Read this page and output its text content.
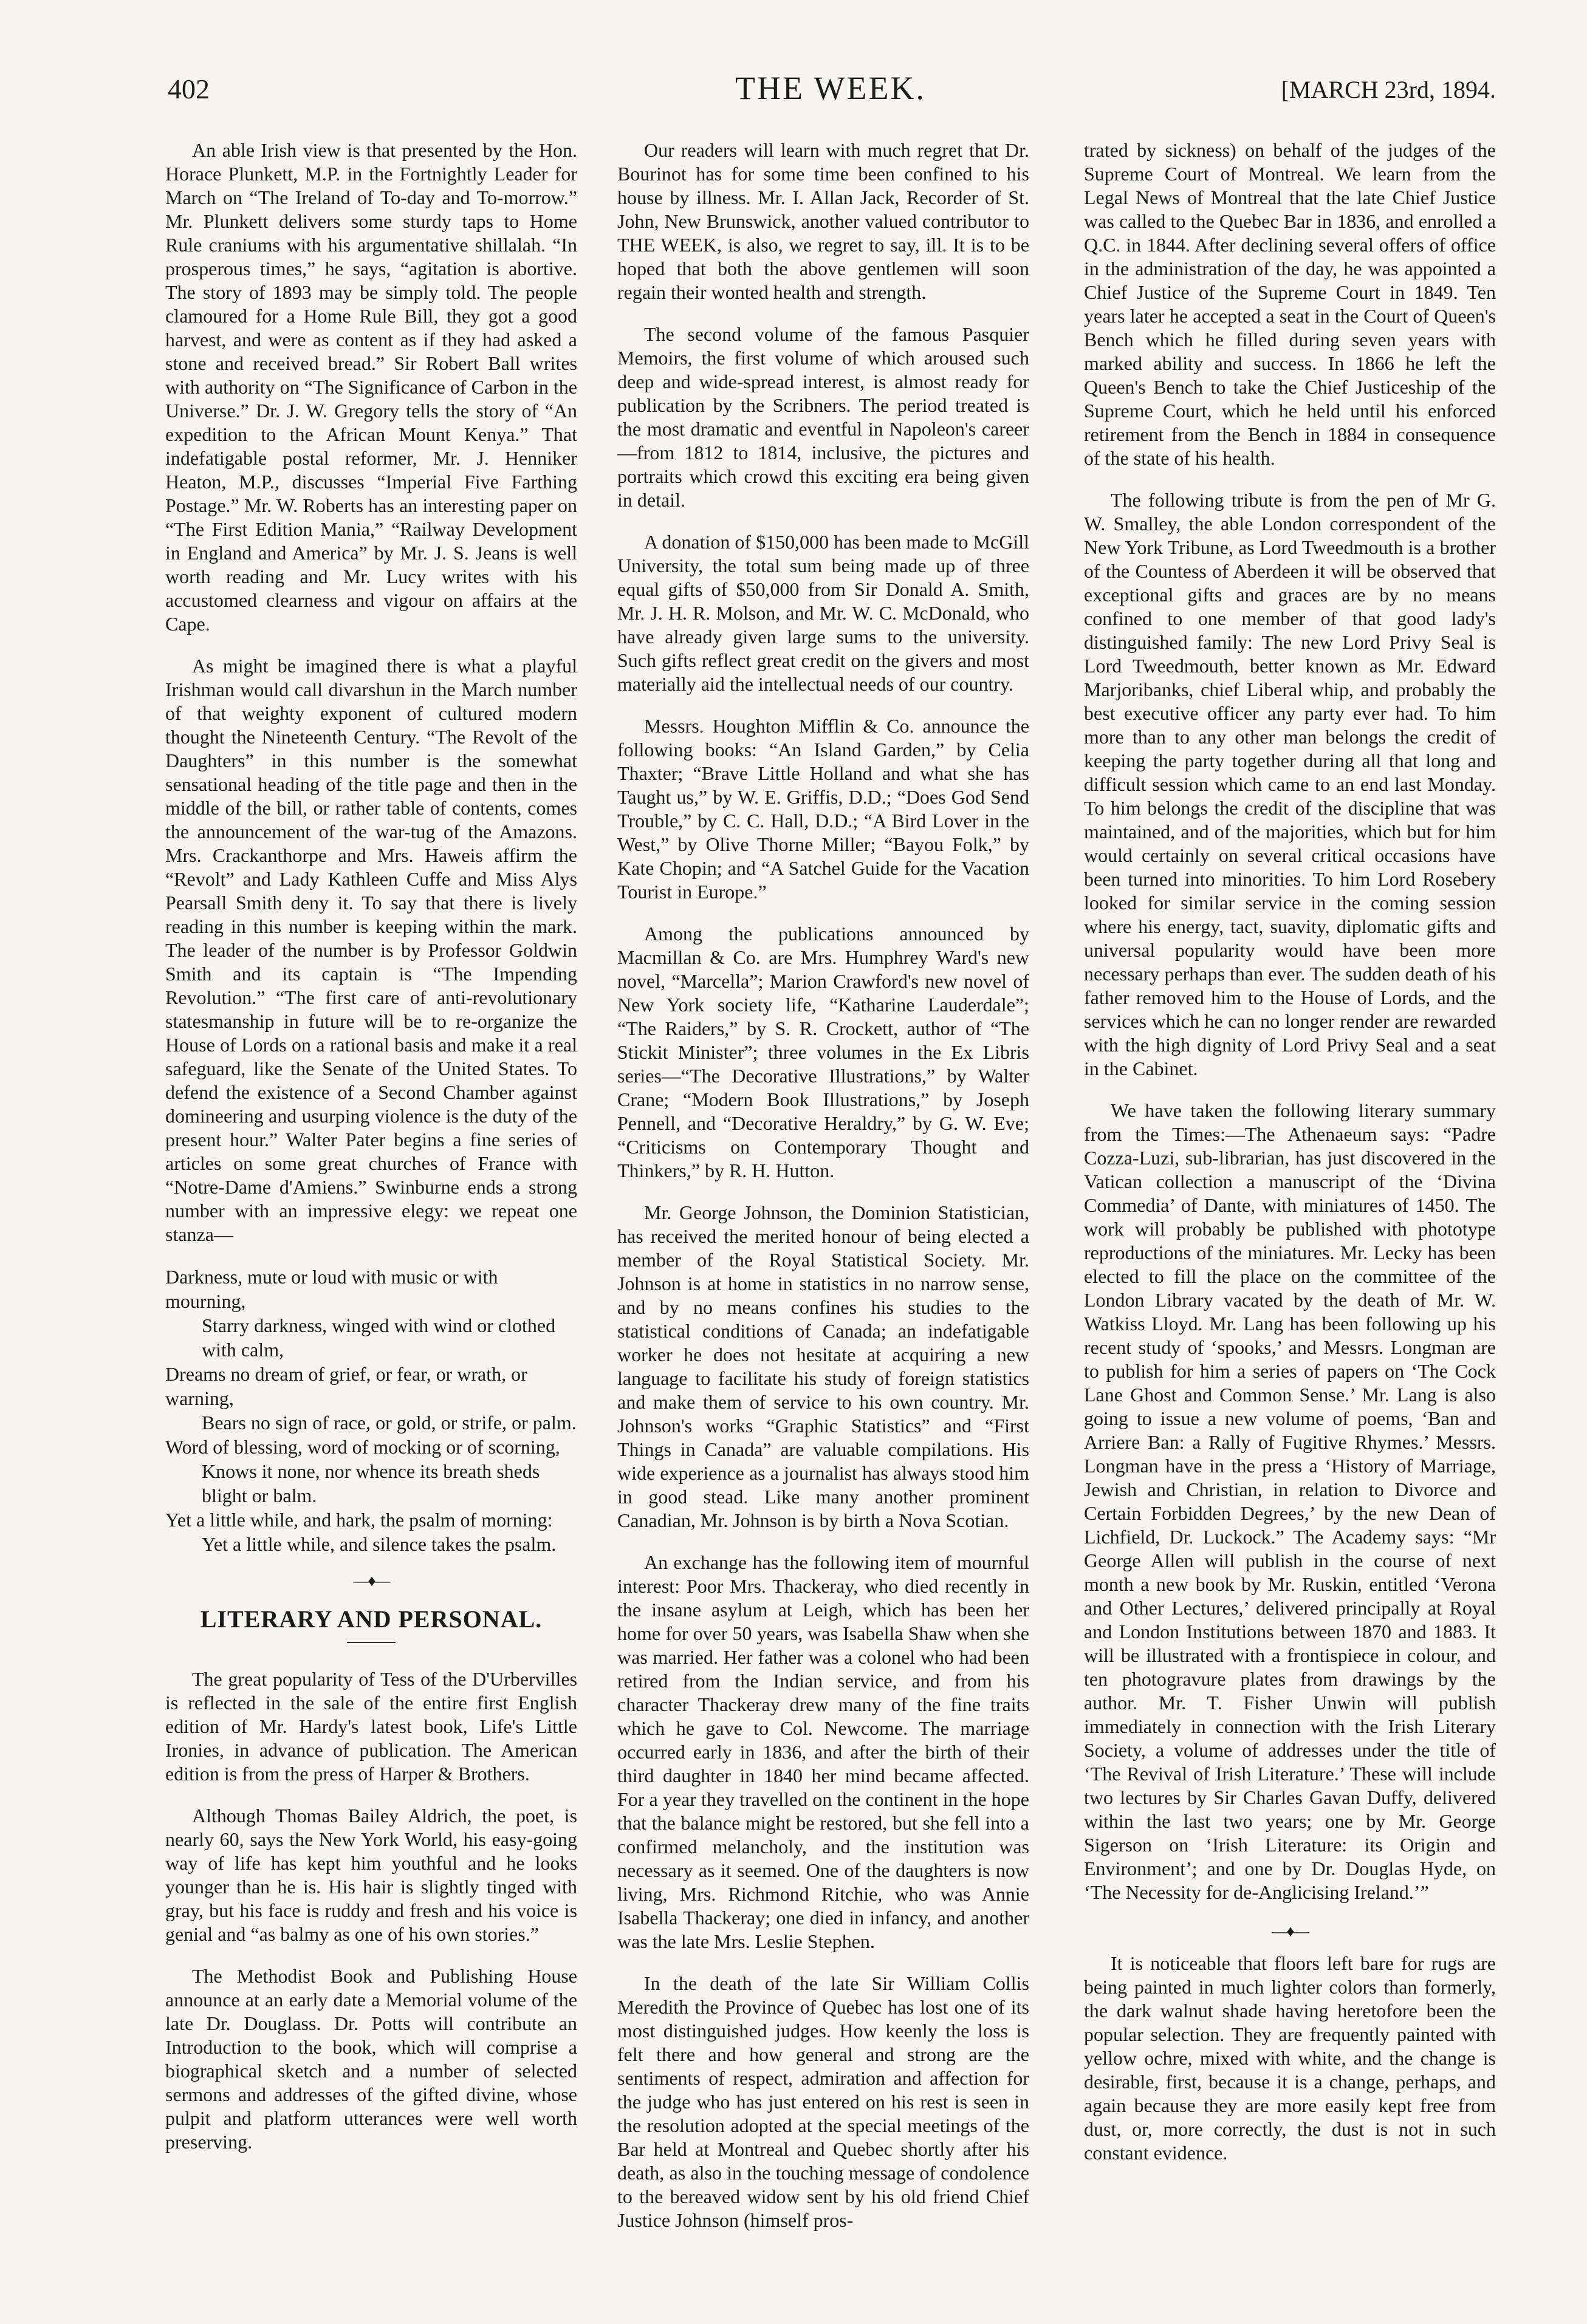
402	THE WEEK.	[MARCH 23rd, 1894.

An able Irish view is that presented by the Hon. Horace Plunkett, M.P. in the Fortnightly Leader for March on “The Ireland of To-day and To-morrow.” Mr. Plunkett delivers some sturdy taps to Home Rule craniums with his argumentative shillalah. “In prosperous times,” he says, “agitation is abortive. The story of 1893 may be simply told. The people clamoured for a Home Rule Bill, they got a good harvest, and were as content as if they had asked a stone and received bread.” Sir Robert Ball writes with authority on “The Significance of Carbon in the Universe.” Dr. J. W. Gregory tells the story of “An expedition to the African Mount Kenya.” That indefatigable postal reformer, Mr. J. Henniker Heaton, M.P., discusses “Imperial Five Farthing Postage.” Mr. W. Roberts has an interesting paper on “The First Edition Mania,” “Railway Development in England and America” by Mr. J. S. Jeans is well worth reading and Mr. Lucy writes with his accustomed clearness and vigour on affairs at the Cape.

As might be imagined there is what a playful Irishman would call divarshun in the March number of that weighty exponent of cultured modern thought the Nineteenth Century. “The Revolt of the Daughters” in this number is the somewhat sensational heading of the title page and then in the middle of the bill, or rather table of contents, comes the announcement of the war-tug of the Amazons. Mrs. Crackanthorpe and Mrs. Haweis affirm the “Revolt” and Lady Kathleen Cuffe and Miss Alys Pearsall Smith deny it. To say that there is lively reading in this number is keeping within the mark. The leader of the number is by Professor Goldwin Smith and its captain is “The Impending Revolution.” “The first care of anti-revolutionary statesmanship in future will be to re-organize the House of Lords on a rational basis and make it a real safeguard, like the Senate of the United States. To defend the existence of a Second Chamber against domineering and usurping violence is the duty of the present hour.” Walter Pater begins a fine series of articles on some great churches of France with “Notre-Dame d'Amiens.” Swinburne ends a strong number with an impressive elegy: we repeat one stanza—

Darkness, mute or loud with music or with mourning,

Starry darkness, winged with wind or clothed with calm,

Dreams no dream of grief, or fear, or wrath, or warning,

Bears no sign of race, or gold, or strife, or palm.

Word of blessing, word of mocking or of scorning,

Knows it none, nor whence its breath sheds blight or balm.

Yet a little while, and hark, the psalm of morning:

Yet a little while, and silence takes the psalm.

—♦—
LITERARY AND PERSONAL.

The great popularity of Tess of the D'Urbervilles is reflected in the sale of the entire first English edition of Mr. Hardy's latest book, Life's Little Ironies, in advance of publication. The American edition is from the press of Harper & Brothers.

Although Thomas Bailey Aldrich, the poet, is nearly 60, says the New York World, his easy-going way of life has kept him youthful and he looks younger than he is. His hair is slightly tinged with gray, but his face is ruddy and fresh and his voice is genial and “as balmy as one of his own stories.”

The Methodist Book and Publishing House announce at an early date a Memorial volume of the late Dr. Douglass. Dr. Potts will contribute an Introduction to the book, which will comprise a biographical sketch and a number of selected sermons and addresses of the gifted divine, whose pulpit and platform utterances were well worth preserving.

Our readers will learn with much regret that Dr. Bourinot has for some time been confined to his house by illness. Mr. I. Allan Jack, Recorder of St. John, New Brunswick, another valued contributor to THE WEEK, is also, we regret to say, ill. It is to be hoped that both the above gentlemen will soon regain their wonted health and strength.

The second volume of the famous Pasquier Memoirs, the first volume of which aroused such deep and wide-spread interest, is almost ready for publication by the Scribners. The period treated is the most dramatic and eventful in Napoleon's career—from 1812 to 1814, inclusive, the pictures and portraits which crowd this exciting era being given in detail.

A donation of $150,000 has been made to McGill University, the total sum being made up of three equal gifts of $50,000 from Sir Donald A. Smith, Mr. J. H. R. Molson, and Mr. W. C. McDonald, who have already given large sums to the university. Such gifts reflect great credit on the givers and most materially aid the intellectual needs of our country.

Messrs. Houghton Mifflin & Co. announce the following books: “An Island Garden,” by Celia Thaxter; “Brave Little Holland and what she has Taught us,” by W. E. Griffis, D.D.; “Does God Send Trouble,” by C. C. Hall, D.D.; “A Bird Lover in the West,” by Olive Thorne Miller; “Bayou Folk,” by Kate Chopin; and “A Satchel Guide for the Vacation Tourist in Europe.”

Among the publications announced by Macmillan & Co. are Mrs. Humphrey Ward's new novel, “Marcella”; Marion Crawford's new novel of New York society life, “Katharine Lauderdale”; “The Raiders,” by S. R. Crockett, author of “The Stickit Minister”; three volumes in the Ex Libris series—“The Decorative Illustrations,” by Walter Crane; “Modern Book Illustrations,” by Joseph Pennell, and “Decorative Heraldry,” by G. W. Eve; “Criticisms on Contemporary Thought and Thinkers,” by R. H. Hutton.

Mr. George Johnson, the Dominion Statistician, has received the merited honour of being elected a member of the Royal Statistical Society. Mr. Johnson is at home in statistics in no narrow sense, and by no means confines his studies to the statistical conditions of Canada; an indefatigable worker he does not hesitate at acquiring a new language to facilitate his study of foreign statistics and make them of service to his own country. Mr. Johnson's works “Graphic Statistics” and “First Things in Canada” are valuable compilations. His wide experience as a journalist has always stood him in good stead. Like many another prominent Canadian, Mr. Johnson is by birth a Nova Scotian.

An exchange has the following item of mournful interest: Poor Mrs. Thackeray, who died recently in the insane asylum at Leigh, which has been her home for over 50 years, was Isabella Shaw when she was married. Her father was a colonel who had been retired from the Indian service, and from his character Thackeray drew many of the fine traits which he gave to Col. Newcome. The marriage occurred early in 1836, and after the birth of their third daughter in 1840 her mind became affected. For a year they travelled on the continent in the hope that the balance might be restored, but she fell into a confirmed melancholy, and the institution was necessary as it seemed. One of the daughters is now living, Mrs. Richmond Ritchie, who was Annie Isabella Thackeray; one died in infancy, and another was the late Mrs. Leslie Stephen.

In the death of the late Sir William Collis Meredith the Province of Quebec has lost one of its most distinguished judges. How keenly the loss is felt there and how general and strong are the sentiments of respect, admiration and affection for the judge who has just entered on his rest is seen in the resolution adopted at the special meetings of the Bar held at Montreal and Quebec shortly after his death, as also in the touching message of condolence to the bereaved widow sent by his old friend Chief Justice Johnson (himself pros-

trated by sickness) on behalf of the judges of the Supreme Court of Montreal. We learn from the Legal News of Montreal that the late Chief Justice was called to the Quebec Bar in 1836, and enrolled a Q.C. in 1844. After declining several offers of office in the administration of the day, he was appointed a Chief Justice of the Supreme Court in 1849. Ten years later he accepted a seat in the Court of Queen's Bench which he filled during seven years with marked ability and success. In 1866 he left the Queen's Bench to take the Chief Justiceship of the Supreme Court, which he held until his enforced retirement from the Bench in 1884 in consequence of the state of his health.

The following tribute is from the pen of Mr G. W. Smalley, the able London correspondent of the New York Tribune, as Lord Tweedmouth is a brother of the Countess of Aberdeen it will be observed that exceptional gifts and graces are by no means confined to one member of that good lady's distinguished family: The new Lord Privy Seal is Lord Tweedmouth, better known as Mr. Edward Marjoribanks, chief Liberal whip, and probably the best executive officer any party ever had. To him more than to any other man belongs the credit of keeping the party together during all that long and difficult session which came to an end last Monday. To him belongs the credit of the discipline that was maintained, and of the majorities, which but for him would certainly on several critical occasions have been turned into minorities. To him Lord Rosebery looked for similar service in the coming session where his energy, tact, suavity, diplomatic gifts and universal popularity would have been more necessary perhaps than ever. The sudden death of his father removed him to the House of Lords, and the services which he can no longer render are rewarded with the high dignity of Lord Privy Seal and a seat in the Cabinet.

We have taken the following literary summary from the Times:—The Athenaeum says: “Padre Cozza-Luzi, sub-librarian, has just discovered in the Vatican collection a manuscript of the ‘Divina Commedia’ of Dante, with miniatures of 1450. The work will probably be published with phototype reproductions of the miniatures. Mr. Lecky has been elected to fill the place on the committee of the London Library vacated by the death of Mr. W. Watkiss Lloyd. Mr. Lang has been following up his recent study of ‘spooks,’ and Messrs. Longman are to publish for him a series of papers on ‘The Cock Lane Ghost and Common Sense.’ Mr. Lang is also going to issue a new volume of poems, ‘Ban and Arriere Ban: a Rally of Fugitive Rhymes.’ Messrs. Longman have in the press a ‘History of Marriage, Jewish and Christian, in relation to Divorce and Certain Forbidden Degrees,’ by the new Dean of Lichfield, Dr. Luckock.” The Academy says: “Mr George Allen will publish in the course of next month a new book by Mr. Ruskin, entitled ‘Verona and Other Lectures,’ delivered principally at Royal and London Institutions between 1870 and 1883. It will be illustrated with a frontispiece in colour, and ten photogravure plates from drawings by the author. Mr. T. Fisher Unwin will publish immediately in connection with the Irish Literary Society, a volume of addresses under the title of ‘The Revival of Irish Literature.’ These will include two lectures by Sir Charles Gavan Duffy, delivered within the last two years; one by Mr. George Sigerson on ‘Irish Literature: its Origin and Environment’; and one by Dr. Douglas Hyde, on ‘The Necessity for de-Anglicising Ireland.’”

—♦—

It is noticeable that floors left bare for rugs are being painted in much lighter colors than formerly, the dark walnut shade having heretofore been the popular selection. They are frequently painted with yellow ochre, mixed with white, and the change is desirable, first, because it is a change, perhaps, and again because they are more easily kept free from dust, or, more correctly, the dust is not in such constant evidence.
